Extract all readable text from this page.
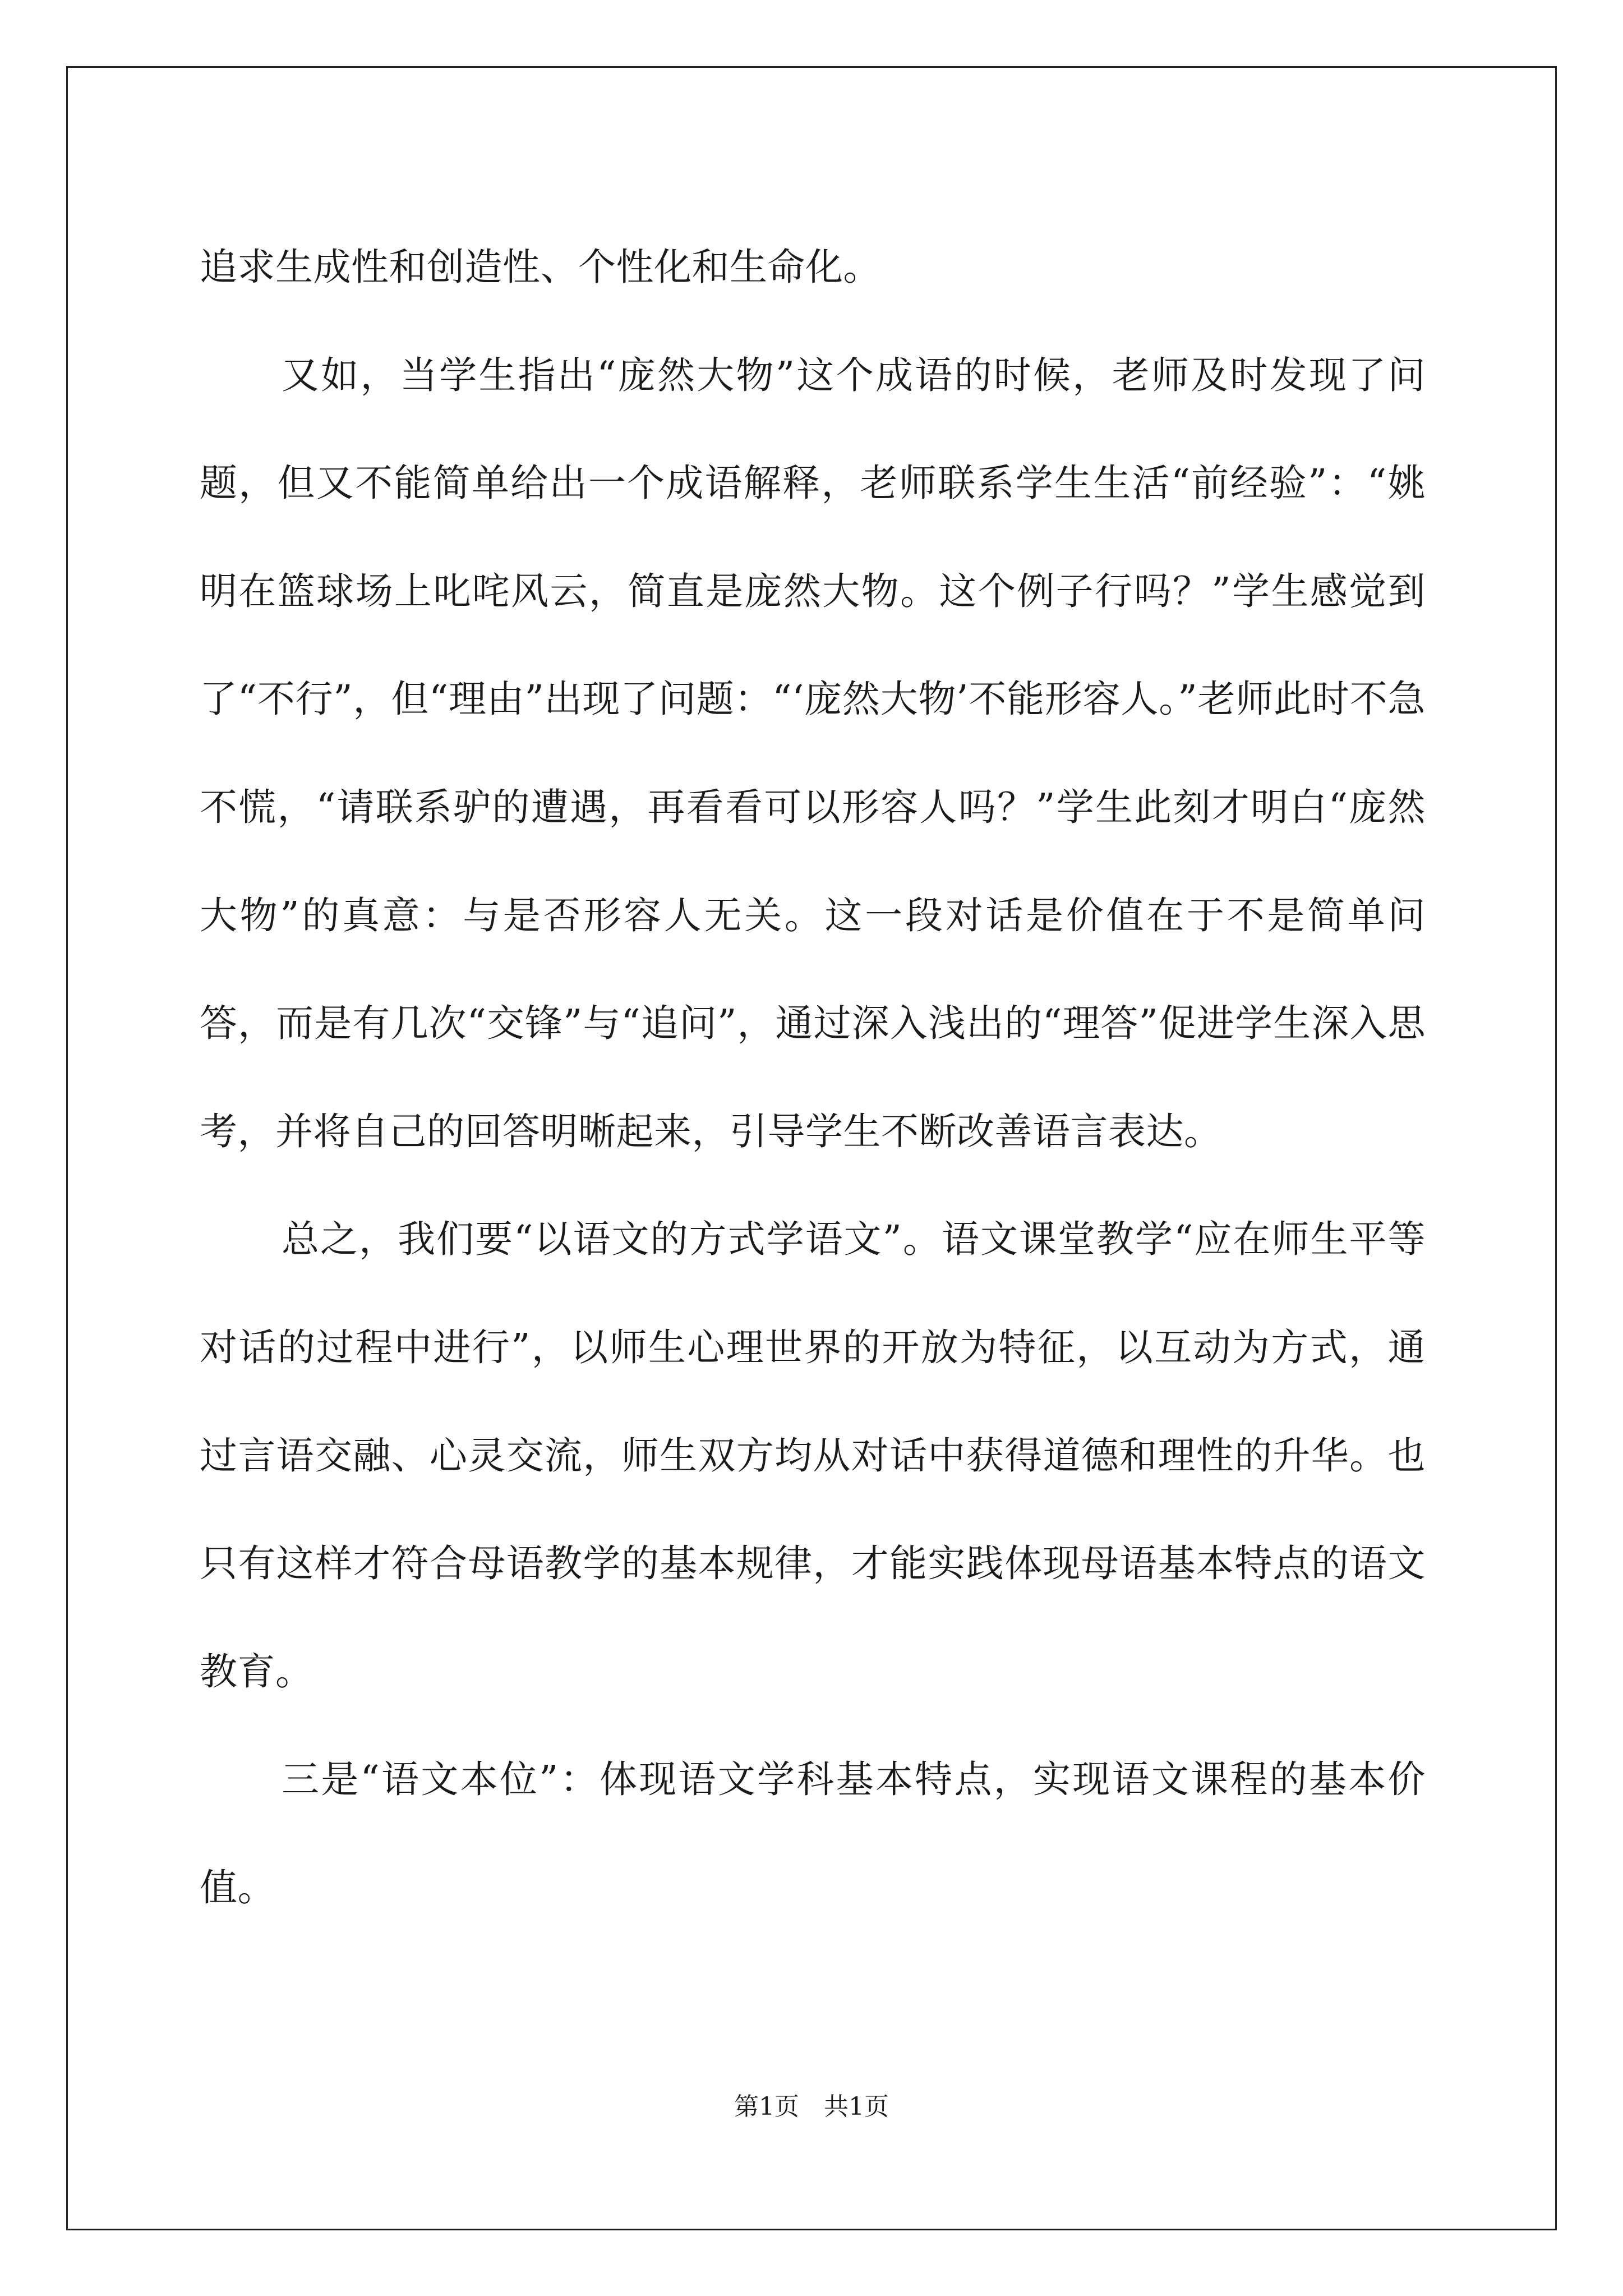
追求生成性和创造性、个性化和生命化。

又如，当学生指出“庞然大物”这个成语的时候，老师及时发现了问题，但又不能简单给出一个成语解释，老师联系学生生活“前经验”：“姚明在篮球场上叱咤风云，简直是庞然大物。这个例子行吗？”学生感觉到了“不行”，但“理由”出现了问题：“‘庞然大物’不能形容人。”老师此时不急不慌，“请联系驴的遭遇，再看看可以形容人吗？”学生此刻才明白“庞然大物”的真意：与是否形容人无关。这一段对话是价值在于不是简单问答，而是有几次“交锋”与“追问”，通过深入浅出的“理答”促进学生深入思考，并将自己的回答明晰起来，引导学生不断改善语言表达。

总之，我们要“以语文的方式学语文”。语文课堂教学“应在师生平等对话的过程中进行”，以师生心理世界的开放为特征，以互动为方式，通过言语交融、心灵交流，师生双方均从对话中获得道德和理性的升华。也只有这样才符合母语教学的基本规律，才能实践体现母语基本特点的语文教育。

三是“语文本位”：体现语文学科基本特点，实现语文课程的基本价值。

第1页　共1页
